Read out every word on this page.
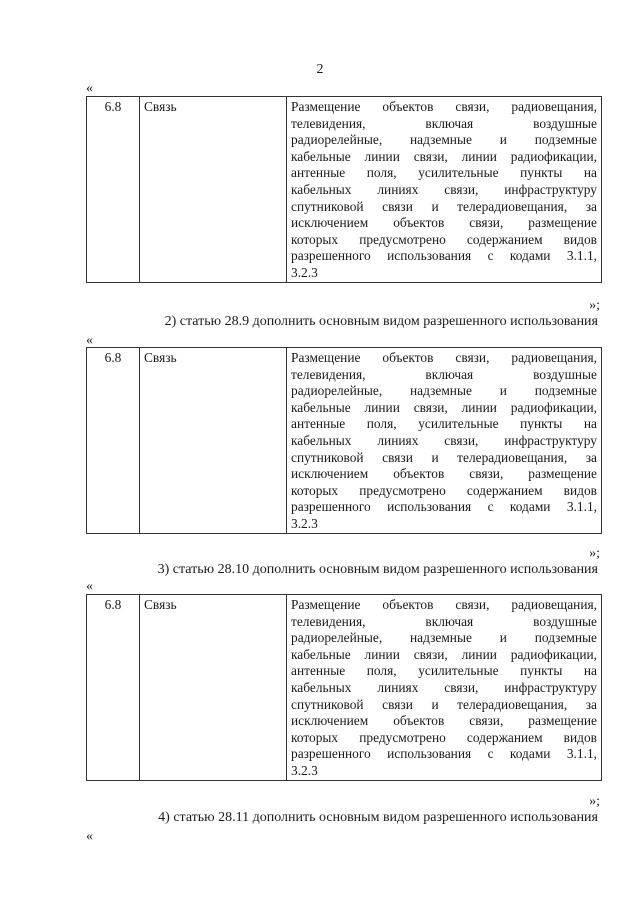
2
«
6.8	Связь	Размещение объектов связи, радиовещания,
телевидения, включая воздушные
радиорелейные, надземные и подземные
кабельные линии связи, линии радиофикации,
антенные поля, усилительные пункты на
кабельных линиях связи, инфраструктуру
спутниковой связи и телерадиовещания, за
исключением объектов связи, размещение
которых предусмотрено содержанием видов
разрешенного использования с кодами 3.1.1,
3.2.3
»;
2) статью 28.9 дополнить основным видом разрешенного использования
«
6.8	Связь	Размещение объектов связи, радиовещания,
телевидения, включая воздушные
радиорелейные, надземные и подземные
кабельные линии связи, линии радиофикации,
антенные поля, усилительные пункты на
кабельных линиях связи, инфраструктуру
спутниковой связи и телерадиовещания, за
исключением объектов связи, размещение
которых предусмотрено содержанием видов
разрешенного использования с кодами 3.1.1,
3.2.3
»;
3) статью 28.10 дополнить основным видом разрешенного использования
«
6.8	Связь	Размещение объектов связи, радиовещания,
телевидения, включая воздушные
радиорелейные, надземные и подземные
кабельные линии связи, линии радиофикации,
антенные поля, усилительные пункты на
кабельных линиях связи, инфраструктуру
спутниковой связи и телерадиовещания, за
исключением объектов связи, размещение
которых предусмотрено содержанием видов
разрешенного использования с кодами 3.1.1,
3.2.3
»;
4) статью 28.11 дополнить основным видом разрешенного использования
«
